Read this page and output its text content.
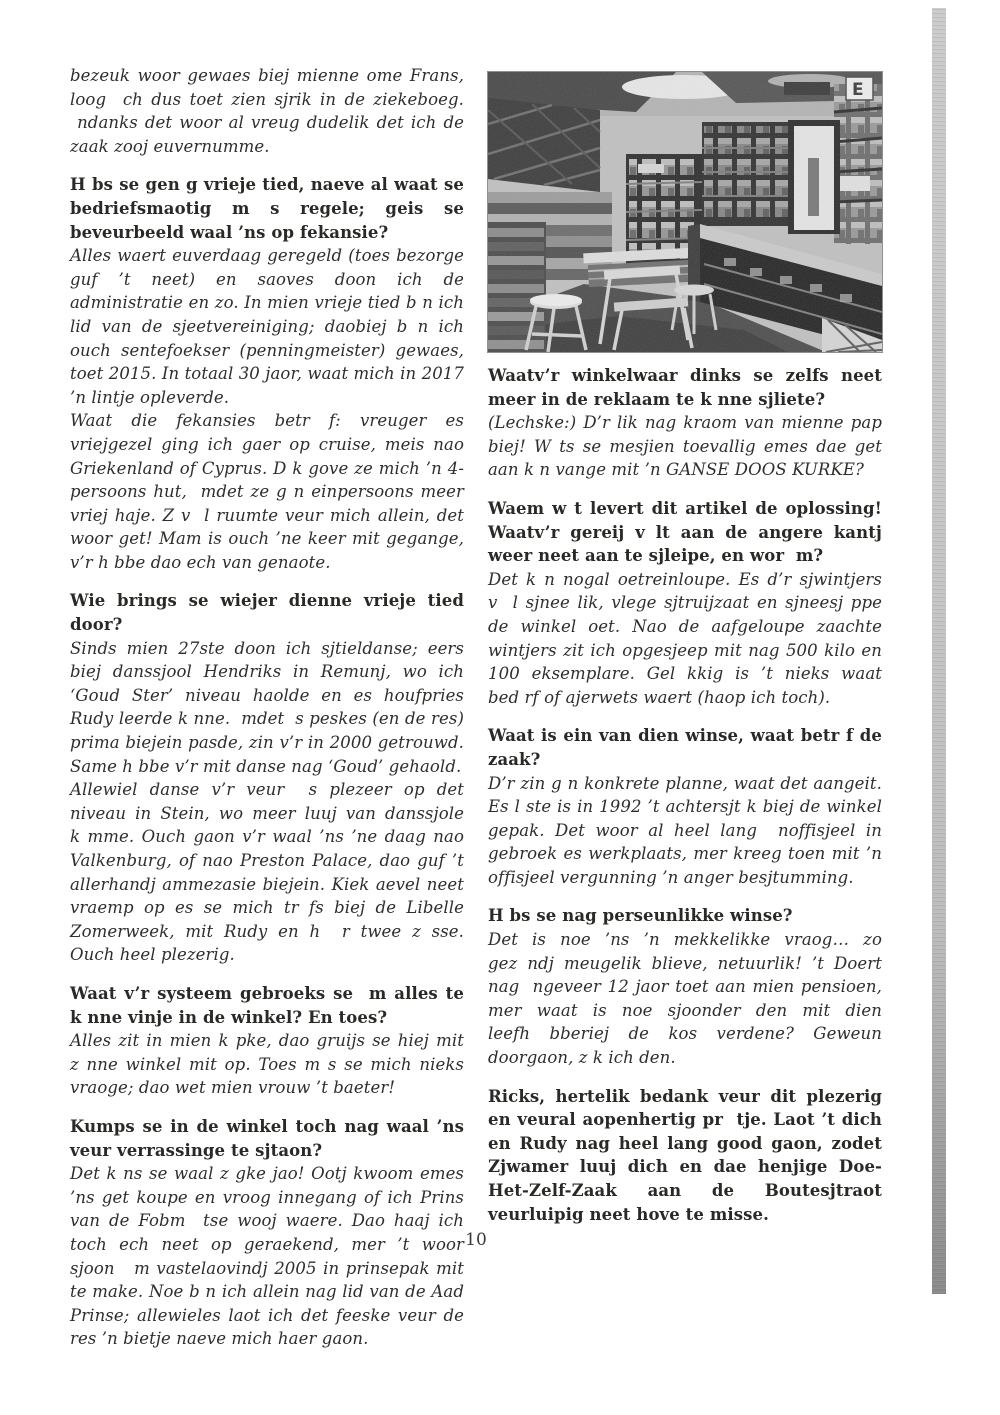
bezeuk woor gewaes biej mienne ome Frans, loog  ch dus toet zien sjrik in de ziekeboeg.  ndanks det woor al vreug dudelik det ich de zaak zooj euvernumme.

H bs se gen g vrieje tied, naeve al waat se bedriefsmaotig m s regele; geis se beveurbeeld waal ’ns op fekansie?

Alles waert euverdaag geregeld (toes bezorge guf ’t neet) en saoves doon ich de administratie en zo. In mien vrieje tied b n ich lid van de sjeetvereiniging; daobiej b n ich ouch sentefoekser (penningmeister) gewaes, toet 2015. In totaal 30 jaor, waat mich in 2017 ’n lintje opleverde.

Waat die fekansies betr f: vreuger es vriejgezel ging ich gaer op cruise, meis nao Griekenland of Cyprus. D k gove ze mich ’n 4-persoons hut,  mdet ze g n einpersoons meer vriej haje. Z v  l ruumte veur mich allein, det woor get! Mam is ouch ’ne keer mit gegange, v’r h bbe dao ech van genaote.

Wie brings se wiejer dienne vrieje tied door?

Sinds mien 27ste doon ich sjtieldanse; eers biej danssjool Hendriks in Remunj, wo ich ‘Goud Ster’ niveau haolde en es houfpries Rudy leerde k nne.  mdet  s peskes (en de res) prima biejein pasde, zin v’r in 2000 getrouwd. Same h bbe v’r mit danse nag ‘Goud’ gehaold.

Allewiel danse v’r veur  s plezeer op det niveau in Stein, wo meer luuj van danssjole k mme. Ouch gaon v’r waal ’ns ’ne daag nao Valkenburg, of nao Preston Palace, dao guf ’t allerhandj ammezasie biejein. Kiek aevel neet vraemp op es se mich tr fs biej de Libelle Zomerweek, mit Rudy en h  r twee z sse. Ouch heel plezerig.

Waat v’r systeem gebroeks se  m alles te k nne vinje in de winkel? En toes?

Alles zit in mien k pke, dao gruijs se hiej mit z nne winkel mit op. Toes m s se mich nieks vraoge; dao wet mien vrouw ’t baeter!

Kumps se in de winkel toch nag waal ’ns veur verrassinge te sjtaon?

Det k ns se waal z gke jao! Ootj kwoom emes ’ns get koupe en vroog innegang of ich Prins van de Fobm  tse wooj waere. Dao haaj ich toch ech neet op geraekend, mer ’t woor sjoon   m vastelaovindj 2005 in prinsepak mit te make. Noe b n ich allein nag lid van de Aad Prinse; allewieles laot ich det feeske veur de res ’n bietje naeve mich haer gaon.

E

Waatv’r winkelwaar dinks se zelfs neet meer in de reklaam te k nne sjliete?

(Lechske:) D’r lik nag kraom van mienne pap biej! W ts se mesjien toevallig emes dae get aan k n vange mit ’n GANSE DOOS KURKE?

Waem w t levert dit artikel de oplossing! Waatv’r gereij v lt aan de angere kantj weer neet aan te sjleipe, en wor  m?

Det k n nogal oetreinloupe. Es d’r sjwintjers v  l sjnee lik, vlege sjtruijzaat en sjneesj ppe de winkel oet. Nao de aafgeloupe zaachte wintjers zit ich opgesjeep mit nag 500 kilo en 100 eksemplare. Gel kkig is ’t nieks waat bed rf of ajerwets waert (haop ich toch).

Waat is ein van dien winse, waat betr f de zaak?

D’r zin g n konkrete planne, waat det aangeit. Es l ste is in 1992 ’t achtersjt k biej de winkel gepak. Det woor al heel lang  noffisjeel in gebroek es werkplaats, mer kreeg toen mit ’n offisjeel vergunning ’n anger besjtumming.

H bs se nag perseunlikke winse?

Det is noe ’ns ’n mekkelikke vraog… zo gez ndj meugelik blieve, netuurlik! ’t Doert nag  ngeveer 12 jaor toet aan mien pensioen, mer waat is noe sjoonder den mit dien leefh bberiej de kos verdene? Geweun doorgaon, z k ich den.

Ricks, hertelik bedank veur dit plezerig en veural aopenhertig pr  tje. Laot ’t dich en Rudy nag heel lang good gaon, zodet Zjwamer luuj dich en dae henjige Doe-Het-Zelf-Zaak aan de Boutesjtraot veurluipig neet hove te misse.

10
